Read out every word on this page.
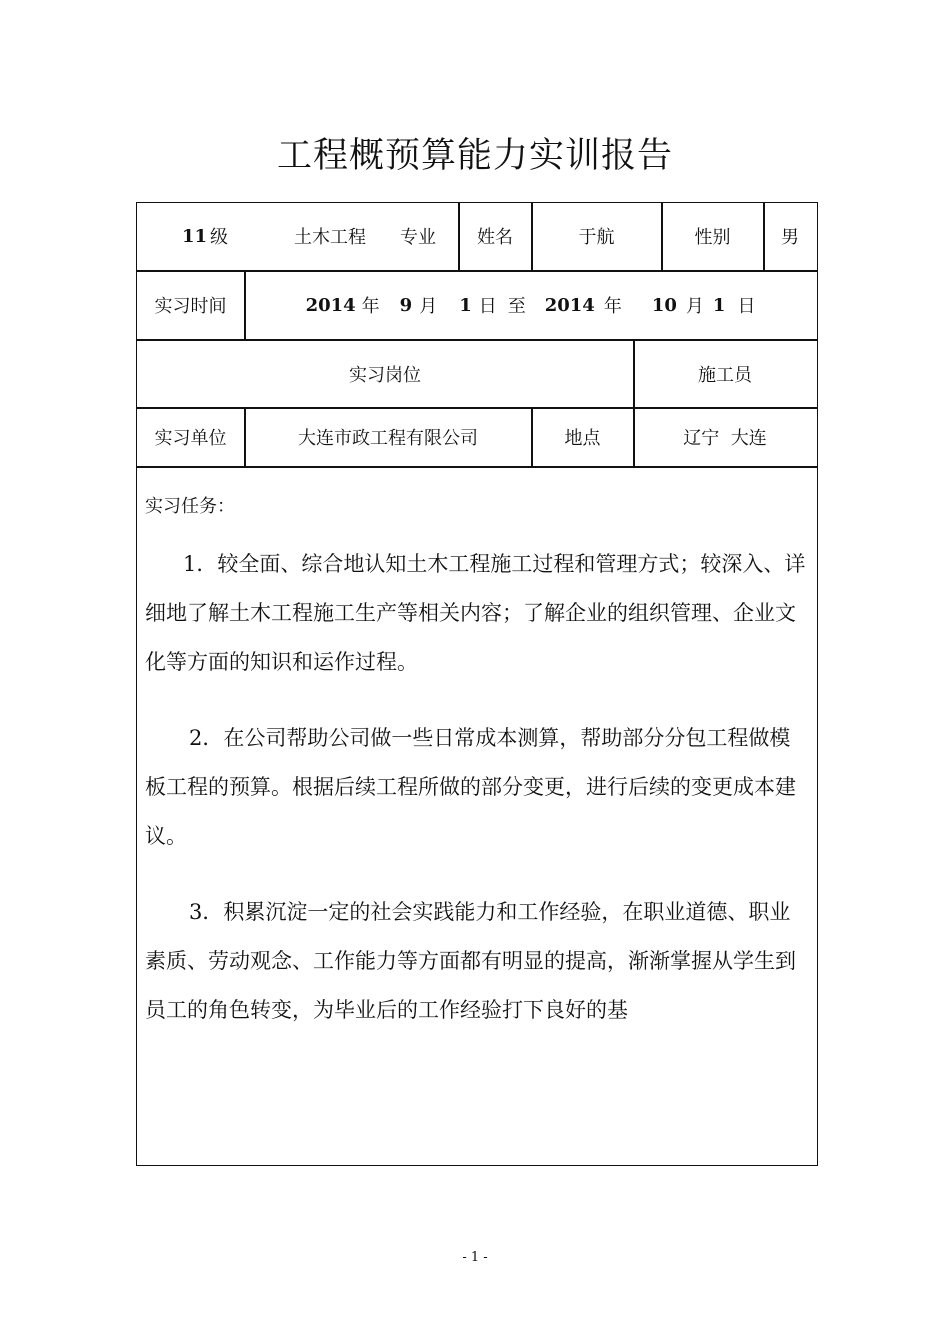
工程概预算能力实训报告
11 级	土木工程	专业	姓名	于航	性别	男
实习时间	2014 年 9 月 1 日 至 2014 年 10 月 1 日
实习岗位	施工员
实习单位	大连市政工程有限公司	地点	辽宁  大连
实习任务：
1．较全面、综合地认知土木工程施工过程和管理方式；较深入、详细地了解土木工程施工生产等相关内容；了解企业的组织管理、企业文化等方面的知识和运作过程。
2．在公司帮助公司做一些日常成本测算，帮助部分分包工程做模板工程的预算。根据后续工程所做的部分变更，进行后续的变更成本建议。
3．积累沉淀一定的社会实践能力和工作经验，在职业道德、职业素质、劳动观念、工作能力等方面都有明显的提高，渐渐掌握从学生到员工的角色转变，为毕业后的工作经验打下良好的基
- 1 -
